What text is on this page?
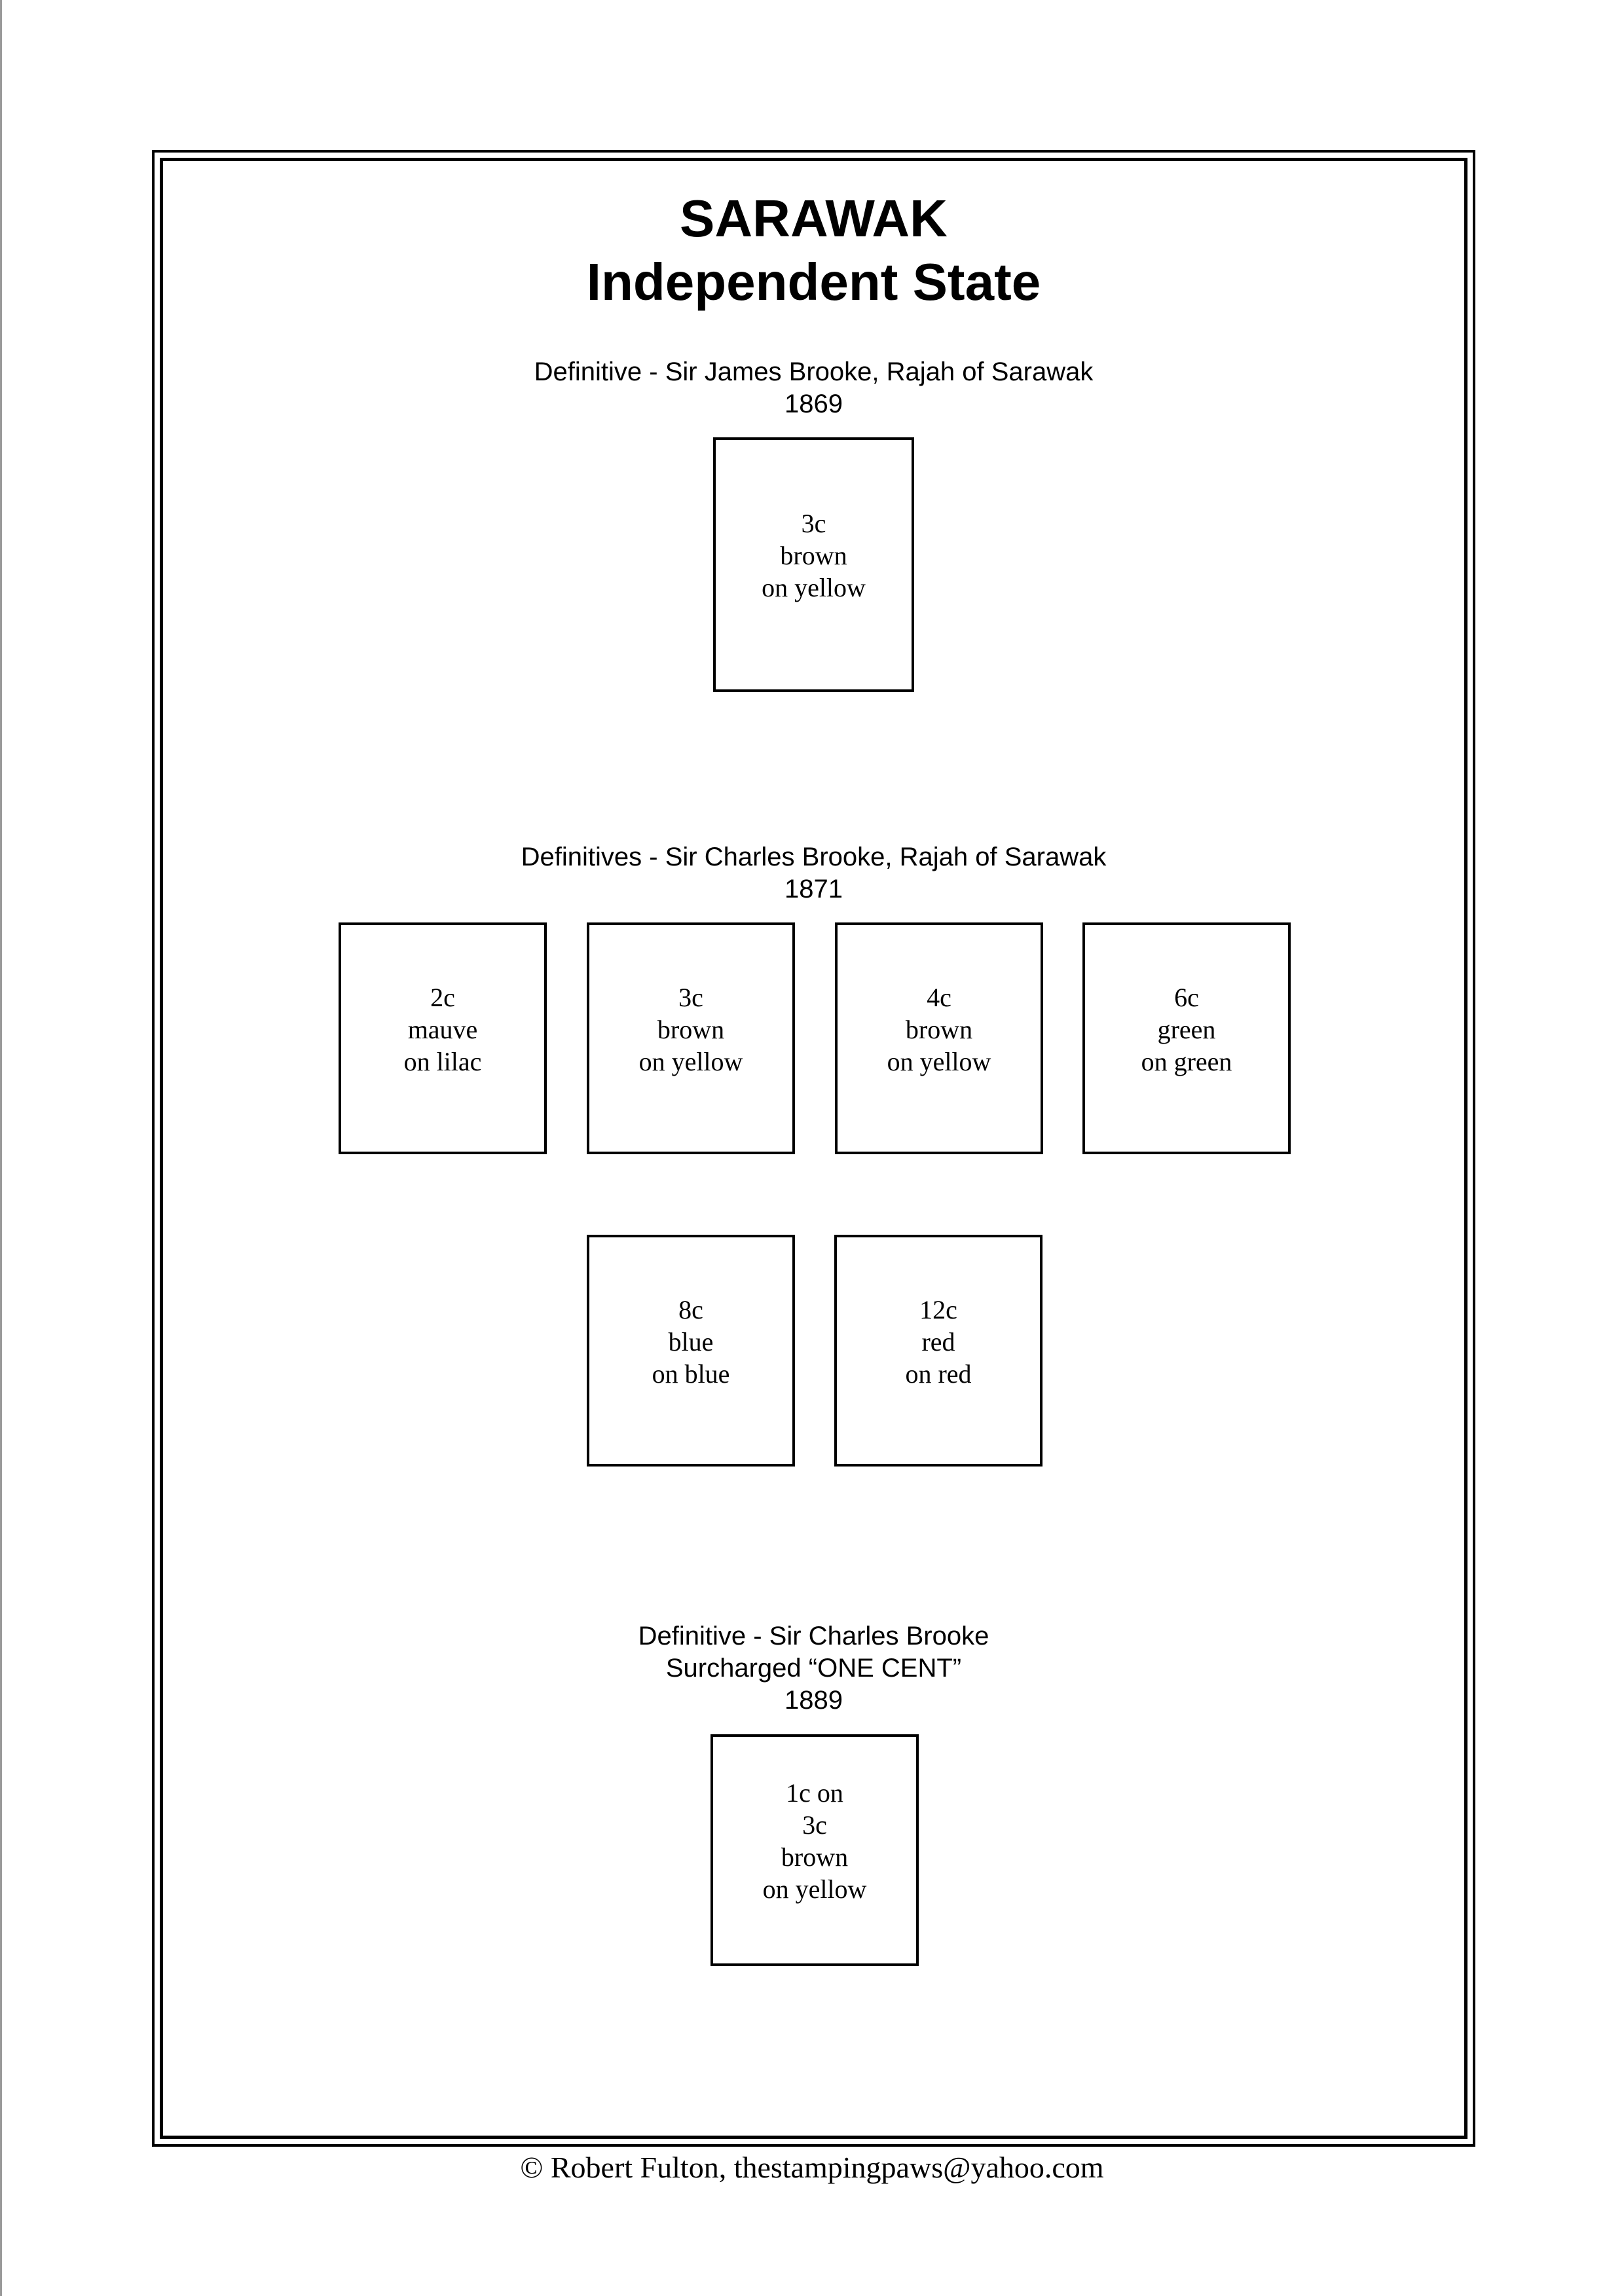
SARAWAK
Independent State
Definitive - Sir James Brooke, Rajah of Sarawak
1869
3c
brown
on yellow
Definitives - Sir Charles Brooke, Rajah of Sarawak
1871
2c
mauve
on lilac
3c
brown
on yellow
4c
brown
on yellow
6c
green
on green
8c
blue
on blue
12c
red
on red
Definitive - Sir Charles Brooke
Surcharged “ONE CENT”
1889
1c on
3c
brown
on yellow
© Robert Fulton, thestampingpaws@yahoo.com
